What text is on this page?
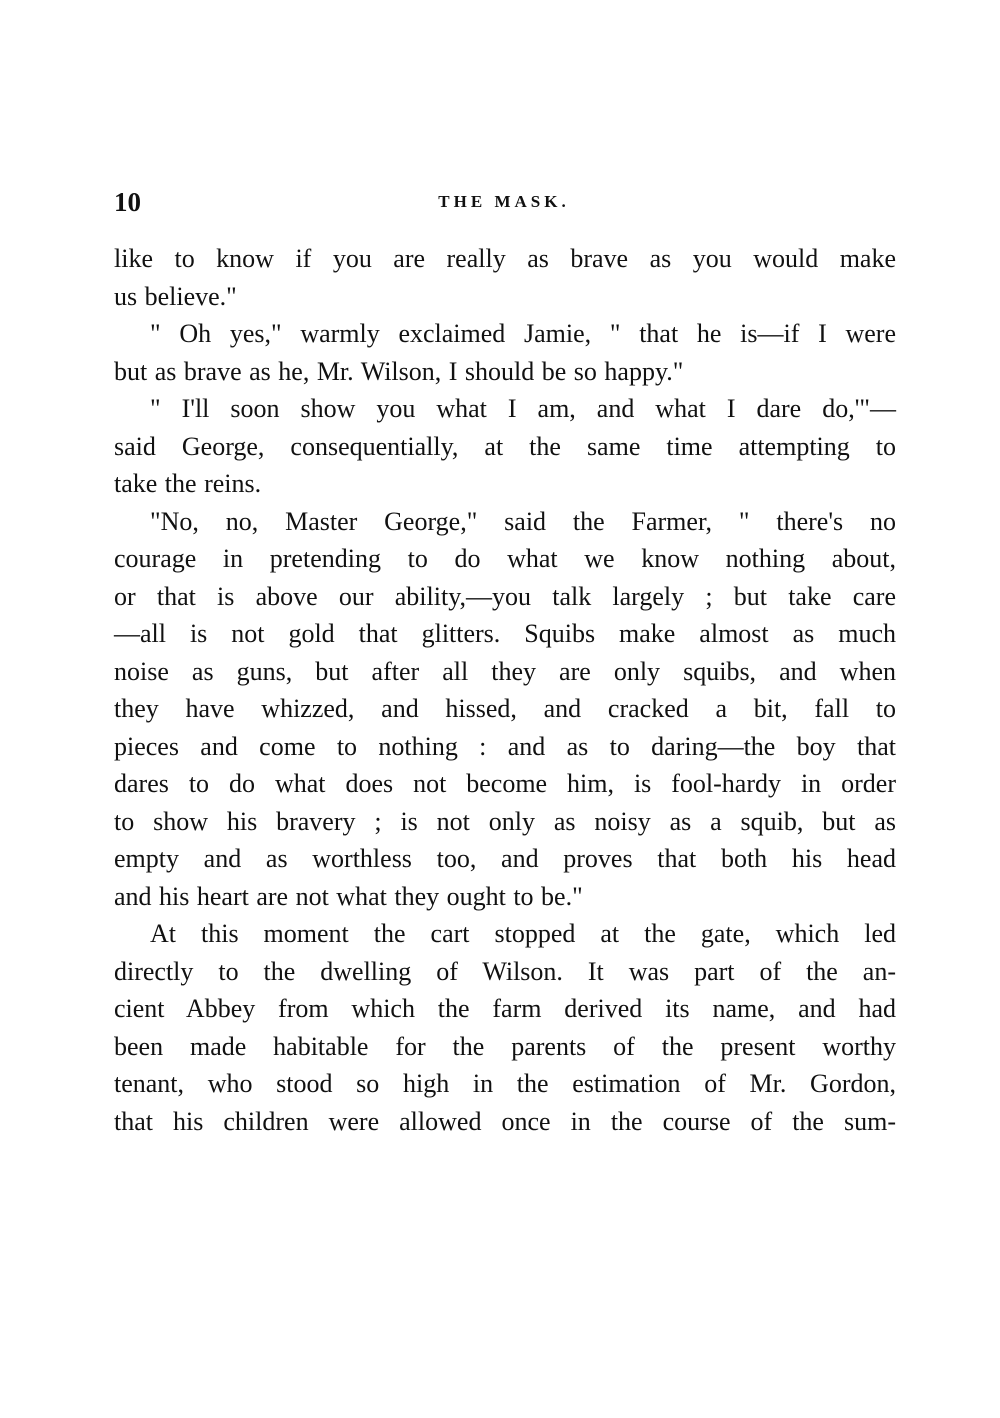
10	THE MASK.
like to know if you are really as brave as you would make
us believe."
" Oh yes," warmly exclaimed Jamie, " that he is—if I were
but as brave as he, Mr. Wilson, I should be so happy."
" I'll soon show you what I am, and what I dare do,'"—
said George, consequentially, at the same time attempting to
take the reins.
"No, no, Master George," said the Farmer, " there's no
courage in pretending to do what we know nothing about,
or that is above our ability,—you talk largely ; but take care
—all is not gold that glitters. Squibs make almost as much
noise as guns, but after all they are only squibs, and when
they have whizzed, and hissed, and cracked a bit, fall to
pieces and come to nothing : and as to daring—the boy that
dares to do what does not become him, is fool-hardy in order
to show his bravery ; is not only as noisy as a squib, but as
empty and as worthless too, and proves that both his head
and his heart are not what they ought to be."
At this moment the cart stopped at the gate, which led
directly to the dwelling of Wilson. It was part of the an-
cient Abbey from which the farm derived its name, and had
been made habitable for the parents of the present worthy
tenant, who stood so high in the estimation of Mr. Gordon,
that his children were allowed once in the course of the sum-
